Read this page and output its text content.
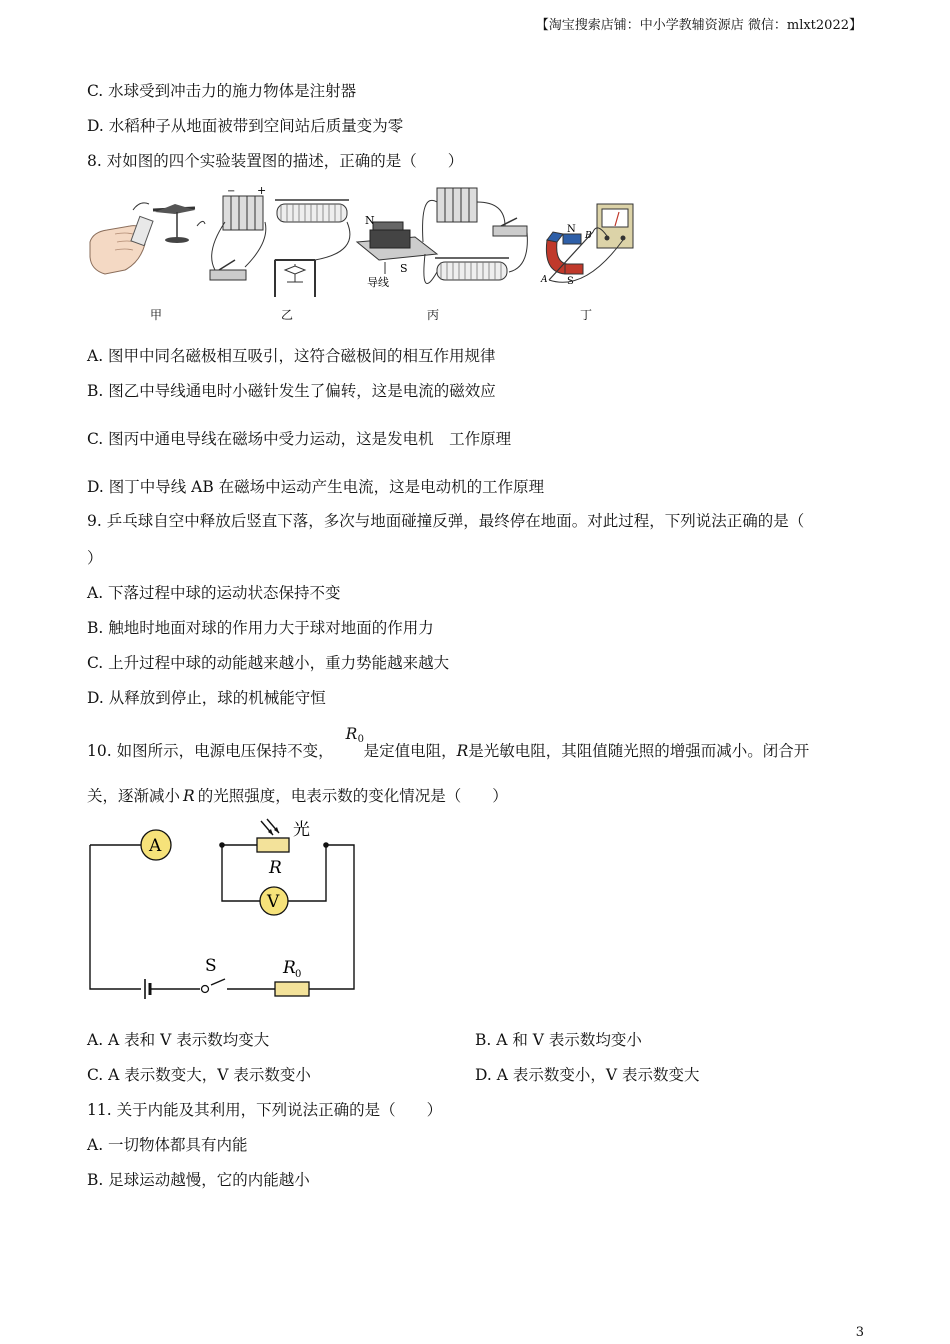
【淘宝搜索店铺：中小学教辅资源店 微信：mlxt2022】
C. 水球受到冲击力的施力物体是注射器
D. 水稻种子从地面被带到空间站后质量变为零
8. 对如图的四个实验装置图的描述，正确的是（　　）
− +
N
S
导线
N
S
A
B
甲	乙	丙	丁
A. 图甲中同名磁极相互吸引，这符合磁极间的相互作用规律
B. 图乙中导线通电时小磁针发生了偏转，这是电流的磁效应
C. 图丙中通电导线在磁场中受力运动，这是发电机　工作原理
D. 图丁中导线 AB 在磁场中运动产生电流，这是电动机的工作原理
9. 乒乓球自空中释放后竖直下落，多次与地面碰撞反弹，最终停在地面。对此过程，下列说法正确的是（
）
A. 下落过程中球的运动状态保持不变
B. 触地时地面对球的作用力大于球对地面的作用力
C. 上升过程中球的动能越来越小，重力势能越来越大
D. 从释放到停止，球的机械能守恒
10. 如图所示，电源电压保持不变，
R 0
是定值电阻，R是光敏电阻，其阻值随光照的增强而减小。闭合开
关，逐渐减小 R 的光照强度，电表示数的变化情况是（　　）
A
V
光
R
S	R 0
A. A 表和 V 表示数均变大	B. A 和 V 表示数均变小
C. A 表示数变大，V 表示数变小	D. A 表示数变小，V 表示数变大
11. 关于内能及其利用，下列说法正确的是（　　）
A. 一切物体都具有内能
B. 足球运动越慢，它的内能越小
3
